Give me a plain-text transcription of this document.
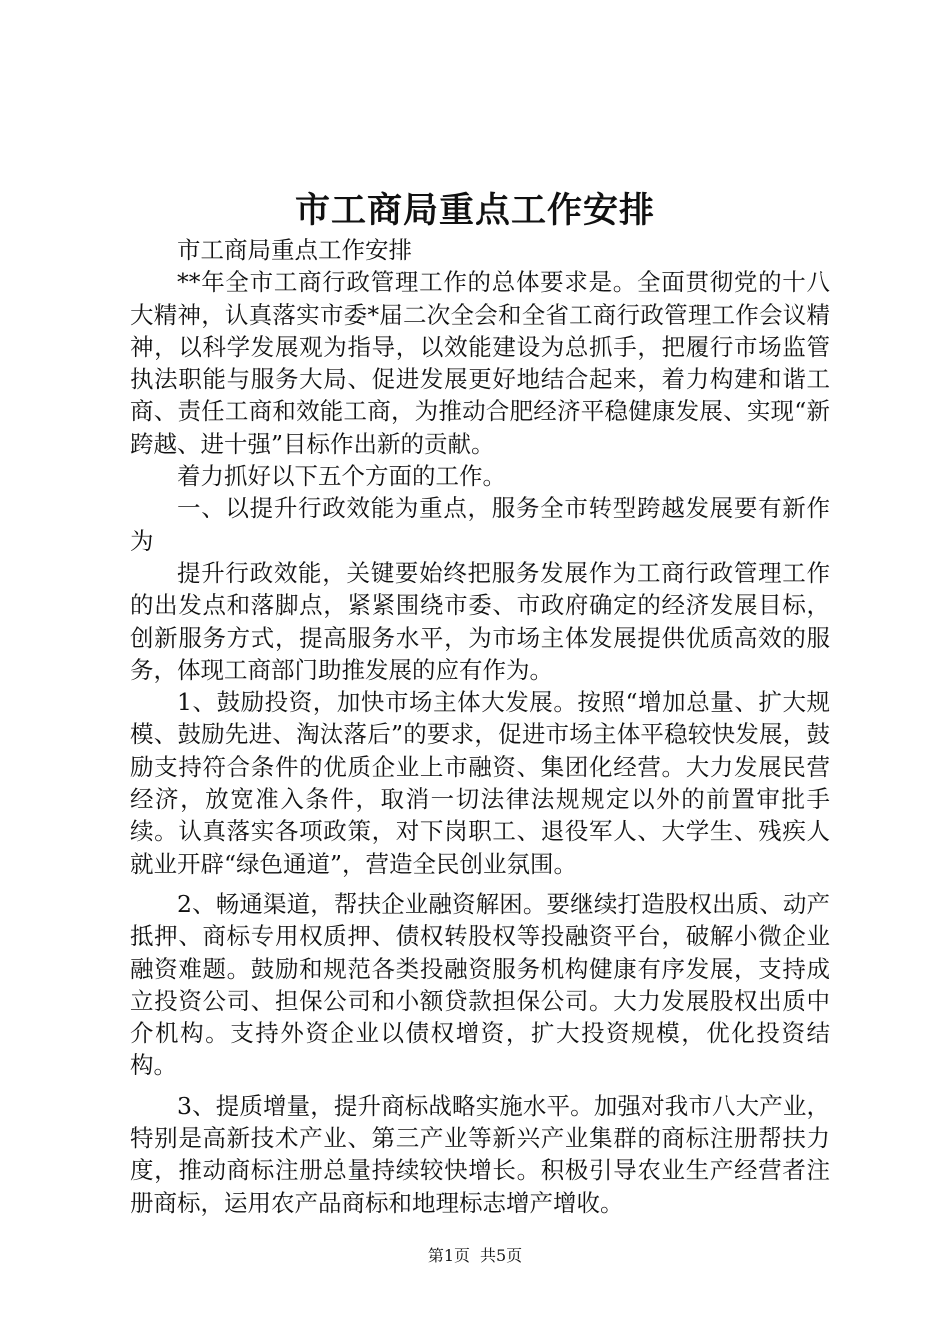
市工商局重点工作安排

市工商局重点工作安排

**年全市工商行政管理工作的总体要求是。全面贯彻党的十八大精神，认真落实市委*届二次全会和全省工商行政管理工作会议精神，以科学发展观为指导，以效能建设为总抓手，把履行市场监管执法职能与服务大局、促进发展更好地结合起来，着力构建和谐工商、责任工商和效能工商，为推动合肥经济平稳健康发展、实现“新跨越、进十强”目标作出新的贡献。

着力抓好以下五个方面的工作。

一、以提升行政效能为重点，服务全市转型跨越发展要有新作为

提升行政效能，关键要始终把服务发展作为工商行政管理工作的出发点和落脚点，紧紧围绕市委、市政府确定的经济发展目标，创新服务方式，提高服务水平，为市场主体发展提供优质高效的服务，体现工商部门助推发展的应有作为。

1、鼓励投资，加快市场主体大发展。按照“增加总量、扩大规模、鼓励先进、淘汰落后”的要求，促进市场主体平稳较快发展，鼓励支持符合条件的优质企业上市融资、集团化经营。大力发展民营经济，放宽准入条件，取消一切法律法规规定以外的前置审批手续。认真落实各项政策，对下岗职工、退役军人、大学生、残疾人就业开辟“绿色通道”，营造全民创业氛围。

2、畅通渠道，帮扶企业融资解困。要继续打造股权出质、动产抵押、商标专用权质押、债权转股权等投融资平台，破解小微企业融资难题。鼓励和规范各类投融资服务机构健康有序发展，支持成立投资公司、担保公司和小额贷款担保公司。大力发展股权出质中介机构。支持外资企业以债权增资，扩大投资规模，优化投资结构。

3、提质增量，提升商标战略实施水平。加强对我市八大产业，特别是高新技术产业、第三产业等新兴产业集群的商标注册帮扶力度，推动商标注册总量持续较快增长。积极引导农业生产经营者注册商标，运用农产品商标和地理标志增产增收。

第1页 共5页
